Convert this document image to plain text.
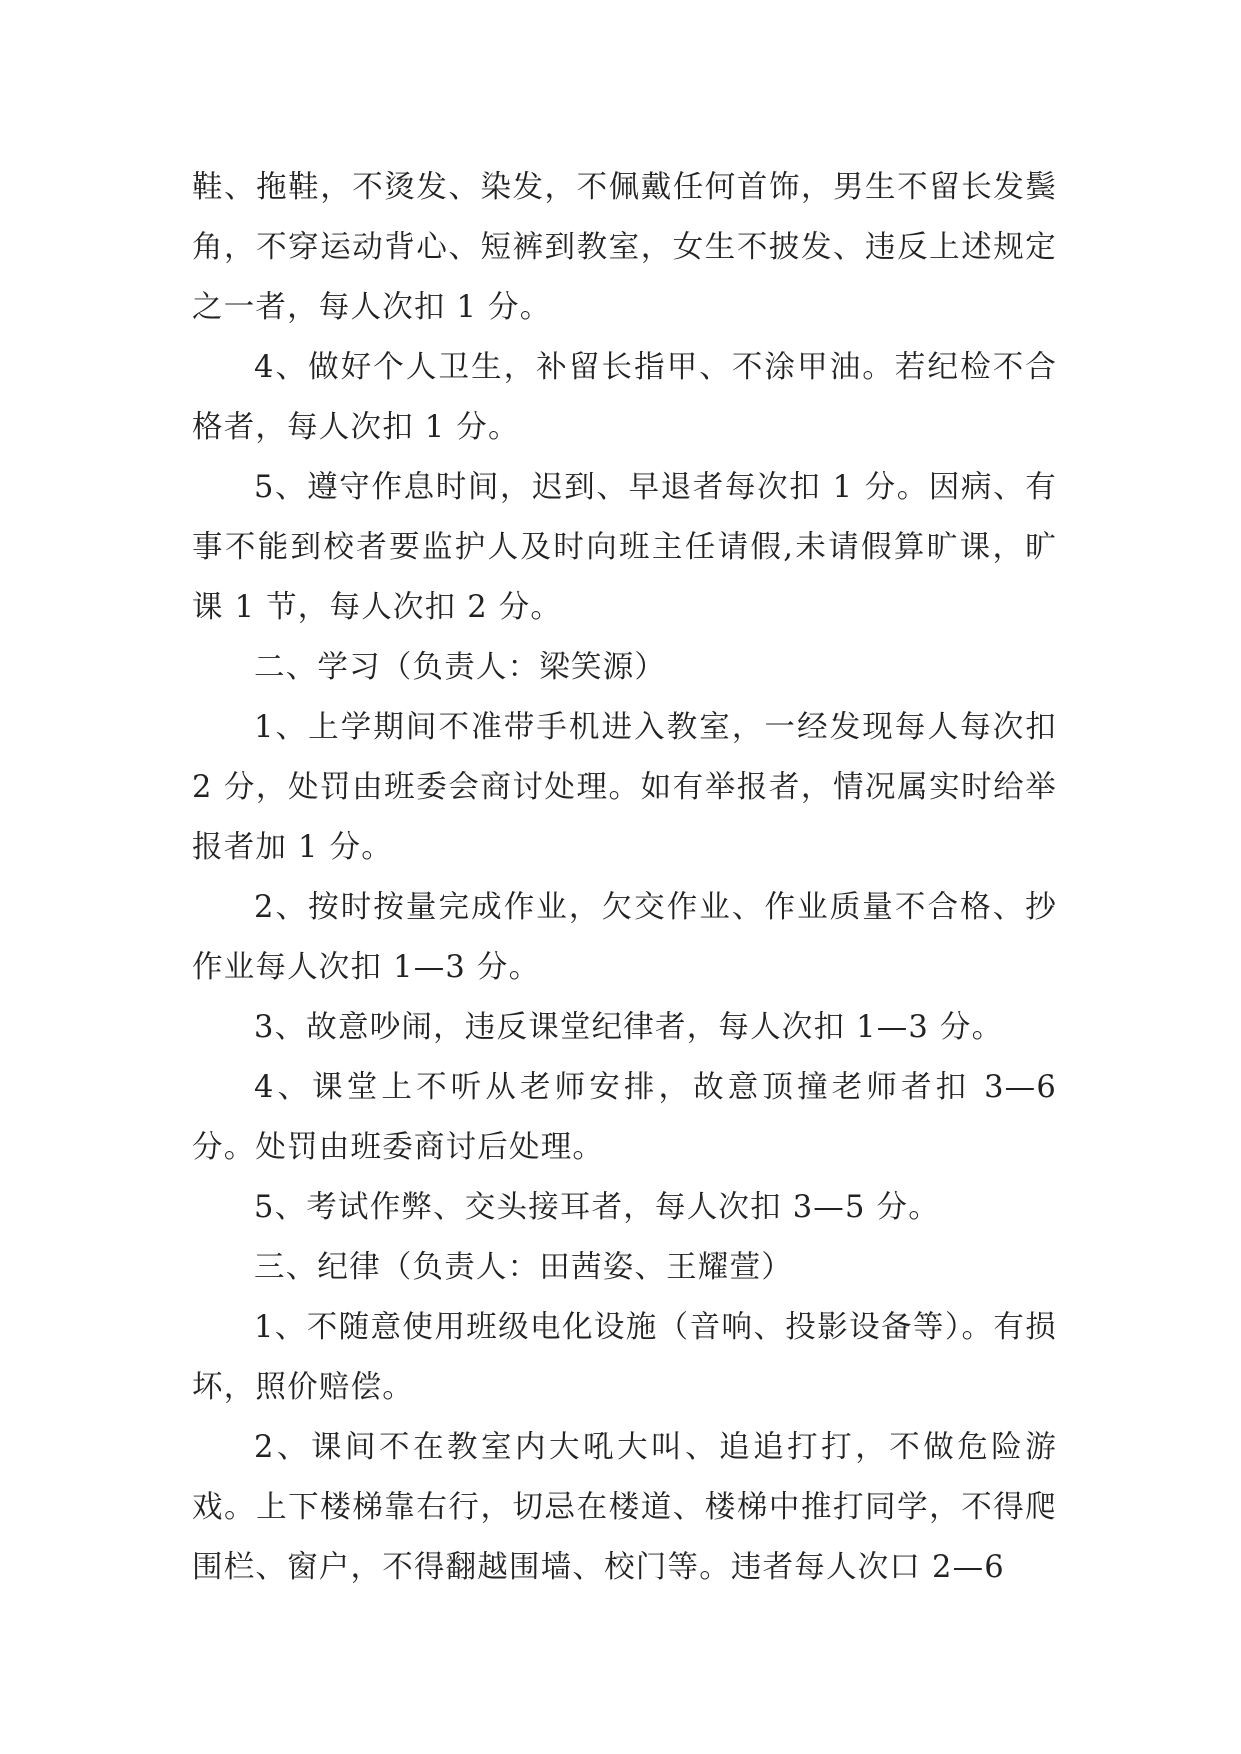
鞋、拖鞋，不烫发、染发，不佩戴任何首饰，男生不留长发鬓角，不穿运动背心、短裤到教室，女生不披发、违反上述规定之一者，每人次扣 1 分。

4、做好个人卫生，补留长指甲、不涂甲油。若纪检不合格者，每人次扣 1 分。

5、遵守作息时间，迟到、早退者每次扣 1 分。因病、有事不能到校者要监护人及时向班主任请假,未请假算旷课，旷课 1 节，每人次扣 2 分。

二、学习（负责人：梁笑源）

1、上学期间不准带手机进入教室，一经发现每人每次扣 2 分，处罚由班委会商讨处理。如有举报者，情况属实时给举报者加 1 分。

2、按时按量完成作业，欠交作业、作业质量不合格、抄作业每人次扣 1—3 分。

3、故意吵闹，违反课堂纪律者，每人次扣 1—3 分。

4、课堂上不听从老师安排，故意顶撞老师者扣 3—6 分。处罚由班委商讨后处理。

5、考试作弊、交头接耳者，每人次扣 3—5 分。

三、纪律（负责人：田茜姿、王耀萱）

1、不随意使用班级电化设施（音响、投影设备等）。有损坏，照价赔偿。

2、课间不在教室内大吼大叫、追追打打，不做危险游戏。上下楼梯靠右行，切忌在楼道、楼梯中推打同学，不得爬围栏、窗户，不得翻越围墙、校门等。违者每人次口 2—6
